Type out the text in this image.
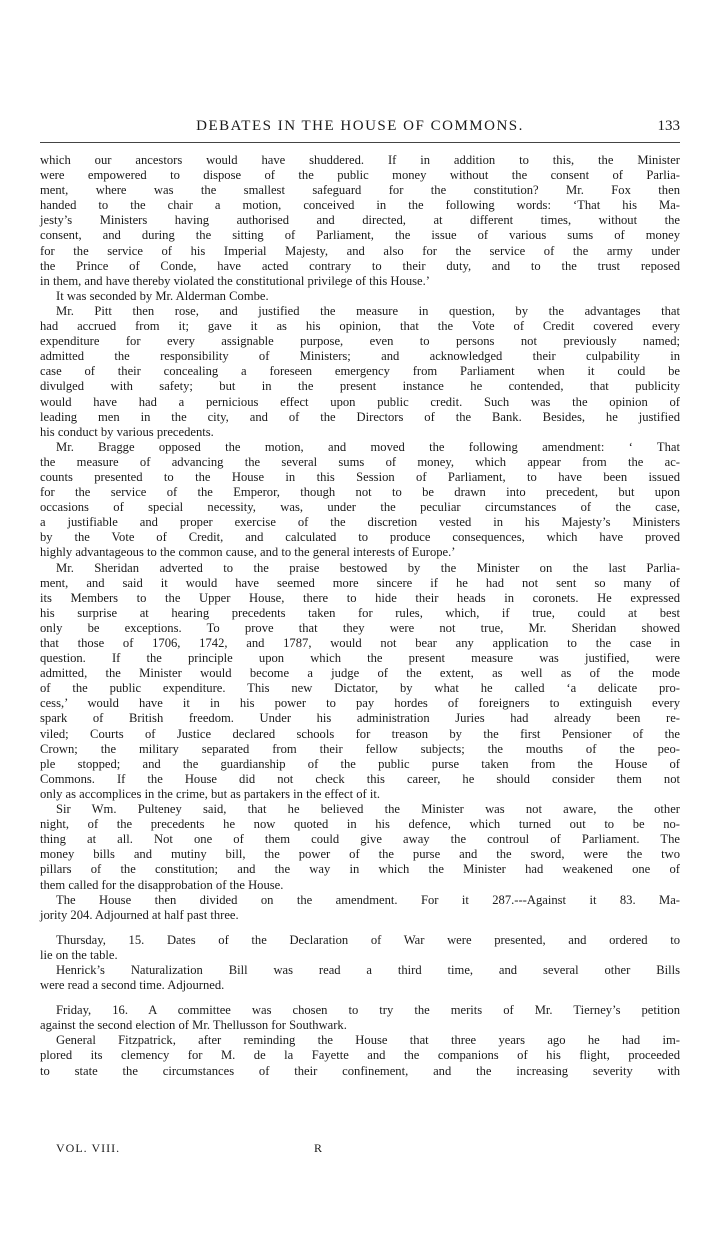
DEBATES IN THE HOUSE OF COMMONS.	133

which our ancestors would have shuddered. If in addition to this, the Minister

were empowered to dispose of the public money without the consent of Parlia-

ment, where was the smallest safeguard for the constitution? Mr. Fox then

handed to the chair a motion, conceived in the following words: ‘That his Ma-

jesty’s Ministers having authorised and directed, at different times, without the

consent, and during the sitting of Parliament, the issue of various sums of money

for the service of his Imperial Majesty, and also for the service of the army under

the Prince of Conde, have acted contrary to their duty, and to the trust reposed

in them, and have thereby violated the constitutional privilege of this House.’

It was seconded by Mr. Alderman Combe.

Mr. Pitt then rose, and justified the measure in question, by the advantages that

had accrued from it; gave it as his opinion, that the Vote of Credit covered every

expenditure for every assignable purpose, even to persons not previously named;

admitted the responsibility of Ministers; and acknowledged their culpability in

case of their concealing a foreseen emergency from Parliament when it could be

divulged with safety; but in the present instance he contended, that publicity

would have had a pernicious effect upon public credit. Such was the opinion of

leading men in the city, and of the Directors of the Bank. Besides, he justified

his conduct by various precedents.

Mr. Bragge opposed the motion, and moved the following amendment: ‘ That

the measure of advancing the several sums of money, which appear from the ac-

counts presented to the House in this Session of Parliament, to have been issued

for the service of the Emperor, though not to be drawn into precedent, but upon

occasions of special necessity, was, under the peculiar circumstances of the case,

a justifiable and proper exercise of the discretion vested in his Majesty’s Ministers

by the Vote of Credit, and calculated to produce consequences, which have proved

highly advantageous to the common cause, and to the general interests of Europe.’

Mr. Sheridan adverted to the praise bestowed by the Minister on the last Parlia-

ment, and said it would have seemed more sincere if he had not sent so many of

its Members to the Upper House, there to hide their heads in coronets. He expressed

his surprise at hearing precedents taken for rules, which, if true, could at best

only be exceptions. To prove that they were not true, Mr. Sheridan showed

that those of 1706, 1742, and 1787, would not bear any application to the case in

question. If the principle upon which the present measure was justified, were

admitted, the Minister would become a judge of the extent, as well as of the mode

of the public expenditure. This new Dictator, by what he called ‘a delicate pro-

cess,’ would have it in his power to pay hordes of foreigners to extinguish every

spark of British freedom. Under his administration Juries had already been re-

viled; Courts of Justice declared schools for treason by the first Pensioner of the

Crown; the military separated from their fellow subjects; the mouths of the peo-

ple stopped; and the guardianship of the public purse taken from the House of

Commons. If the House did not check this career, he should consider them not

only as accomplices in the crime, but as partakers in the effect of it.

Sir Wm. Pulteney said, that he believed the Minister was not aware, the other

night, of the precedents he now quoted in his defence, which turned out to be no-

thing at all. Not one of them could give away the controul of Parliament. The

money bills and mutiny bill, the power of the purse and the sword, were the two

pillars of the constitution; and the way in which the Minister had weakened one of

them called for the disapprobation of the House.

The House then divided on the amendment. For it 287.---Against it 83. Ma-

jority 204. Adjourned at half past three.

Thursday, 15. Dates of the Declaration of War were presented, and ordered to

lie on the table.

Henrick’s Naturalization Bill was read a third time, and several other Bills

were read a second time. Adjourned.

Friday, 16. A committee was chosen to try the merits of Mr. Tierney’s petition

against the second election of Mr. Thellusson for Southwark.

General Fitzpatrick, after reminding the House that three years ago he had im-

plored its clemency for M. de la Fayette and the companions of his flight, proceeded

to state the circumstances of their confinement, and the increasing severity with

VOL. VIII.	R
